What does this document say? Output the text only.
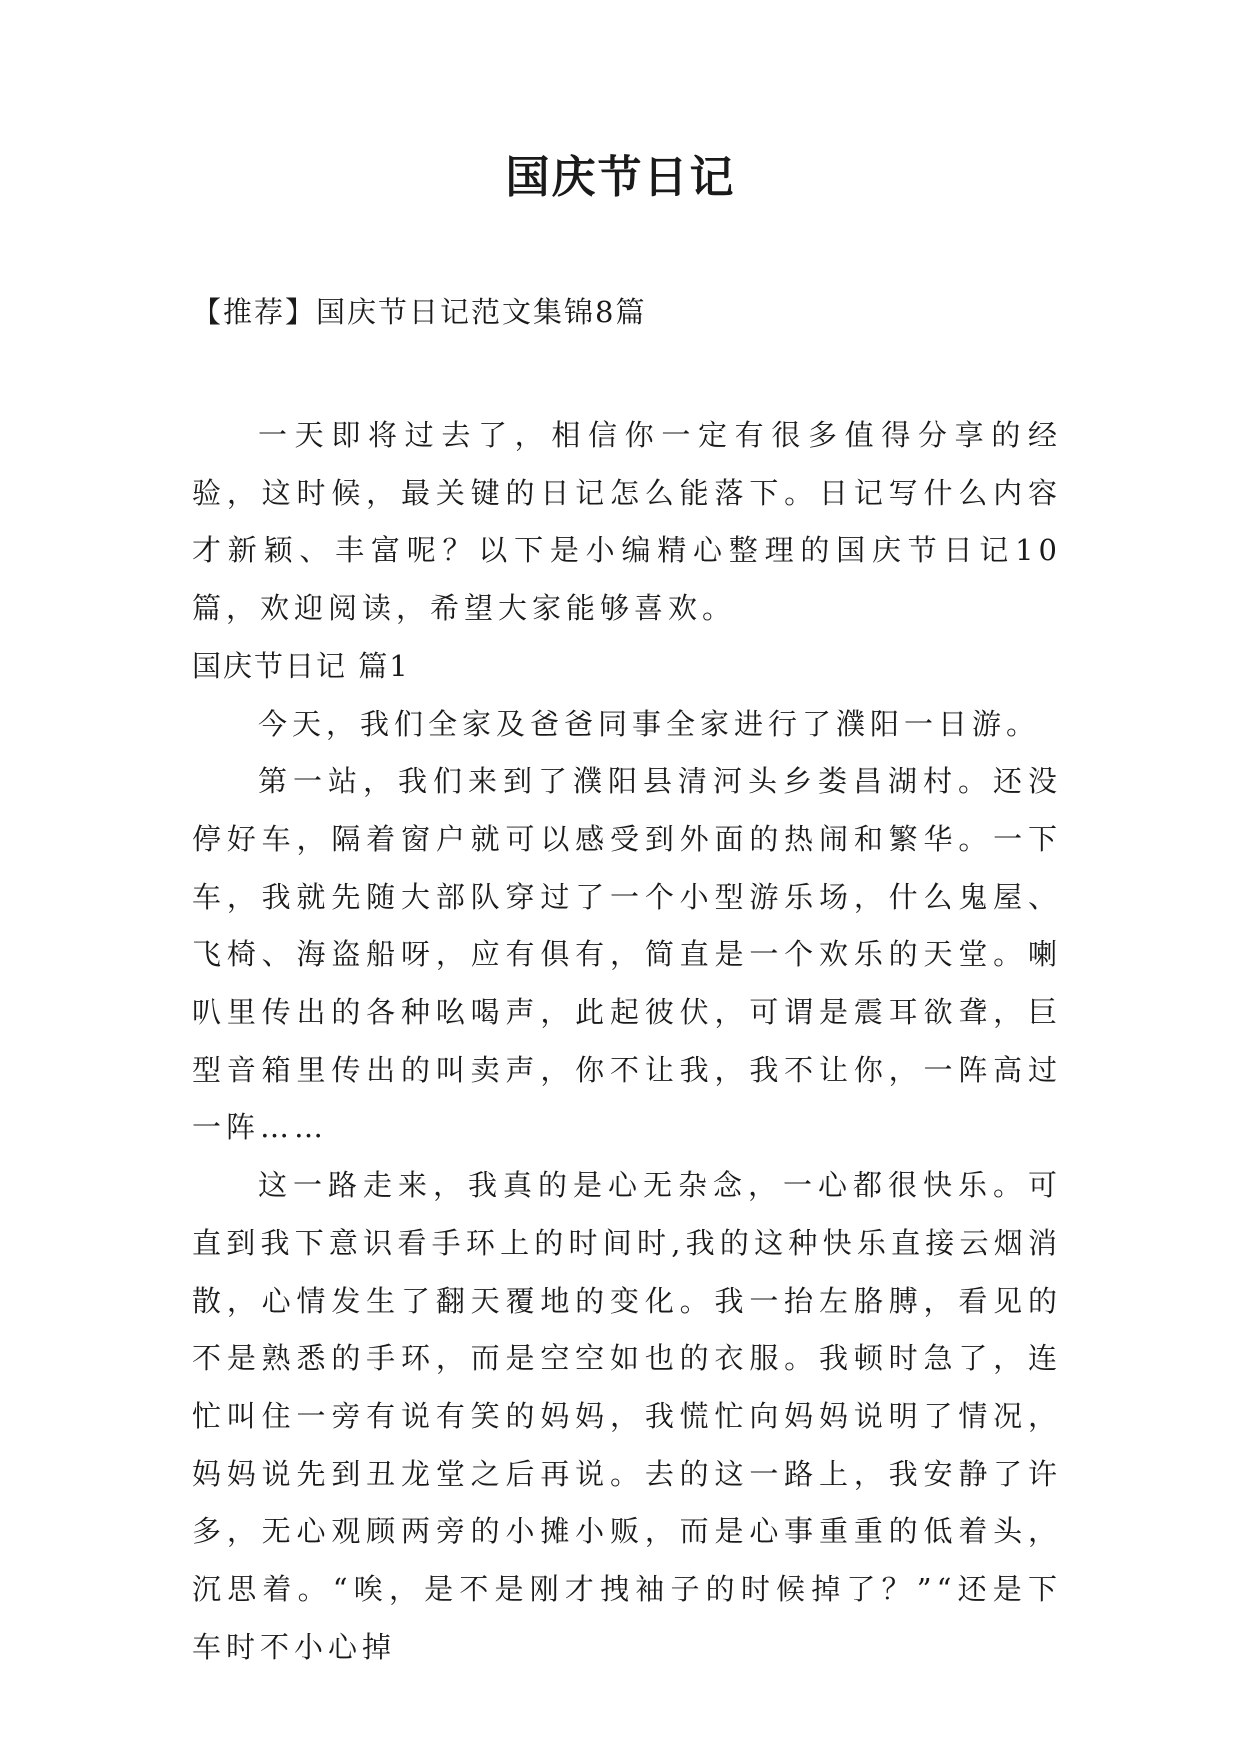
国庆节日记
【推荐】国庆节日记范文集锦8篇

一天即将过去了，相信你一定有很多值得分享的经验，这时候，最关键的日记怎么能落下。日记写什么内容才新颖、丰富呢？以下是小编精心整理的国庆节日记10篇，欢迎阅读，希望大家能够喜欢。

国庆节日记 篇1

今天，我们全家及爸爸同事全家进行了濮阳一日游。

第一站，我们来到了濮阳县清河头乡娄昌湖村。还没停好车，隔着窗户就可以感受到外面的热闹和繁华。一下车，我就先随大部队穿过了一个小型游乐场，什么鬼屋、飞椅、海盗船呀，应有俱有，简直是一个欢乐的天堂。喇叭里传出的各种吆喝声，此起彼伏，可谓是震耳欲聋，巨型音箱里传出的叫卖声，你不让我，我不让你，一阵高过一阵……

这一路走来，我真的是心无杂念，一心都很快乐。可直到我下意识看手环上的时间时,我的这种快乐直接云烟消散，心情发生了翻天覆地的变化。我一抬左胳膊，看见的不是熟悉的手环，而是空空如也的衣服。我顿时急了，连忙叫住一旁有说有笑的妈妈，我慌忙向妈妈说明了情况，妈妈说先到丑龙堂之后再说。去的这一路上，我安静了许多，无心观顾两旁的小摊小贩，而是心事重重的低着头，沉思着。“唉，是不是刚才拽袖子的时候掉了？”“还是下车时不小心掉
